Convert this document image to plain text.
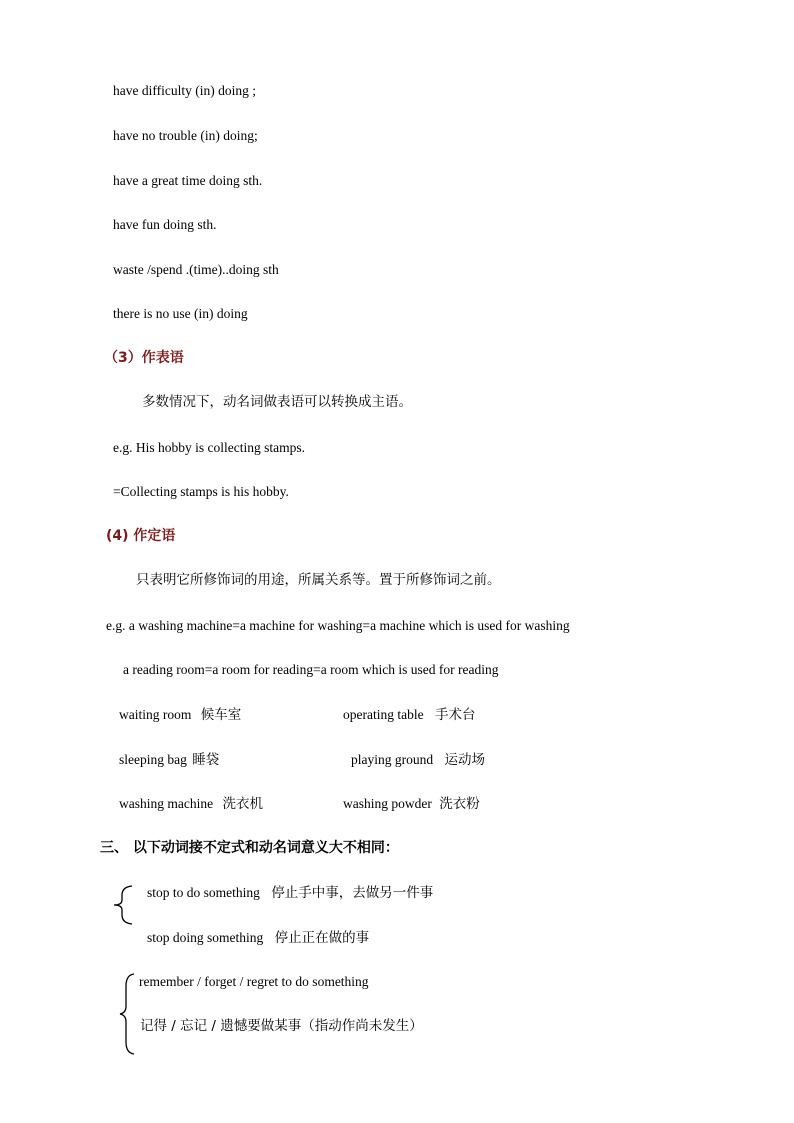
have difficulty (in) doing ;
have no trouble (in) doing;
have a great time doing sth.
have fun doing sth.
waste /spend .(time)..doing sth
there is no use (in) doing
（3）作表语
多数情况下，动名词做表语可以转换成主语。
e.g. His hobby is collecting stamps.
=Collecting stamps is his hobby.
(4) 作定语
只表明它所修饰词的用途，所属关系等。置于所修饰词之前。
e.g. a washing machine=a machine for washing=a machine which is used for washing
a reading room=a room for reading=a room which is used for reading
waiting room 候车室	operating table 手术台
sleeping bag 睡袋	playing ground 运动场
washing machine 洗衣机	washing powder 洗衣粉
三、 以下动词接不定式和动名词意义大不相同：
stop to do something 停止手中事，去做另一件事
stop doing something 停止正在做的事
remember / forget / regret to do something
记得 / 忘记 / 遗憾要做某事（指动作尚未发生）
